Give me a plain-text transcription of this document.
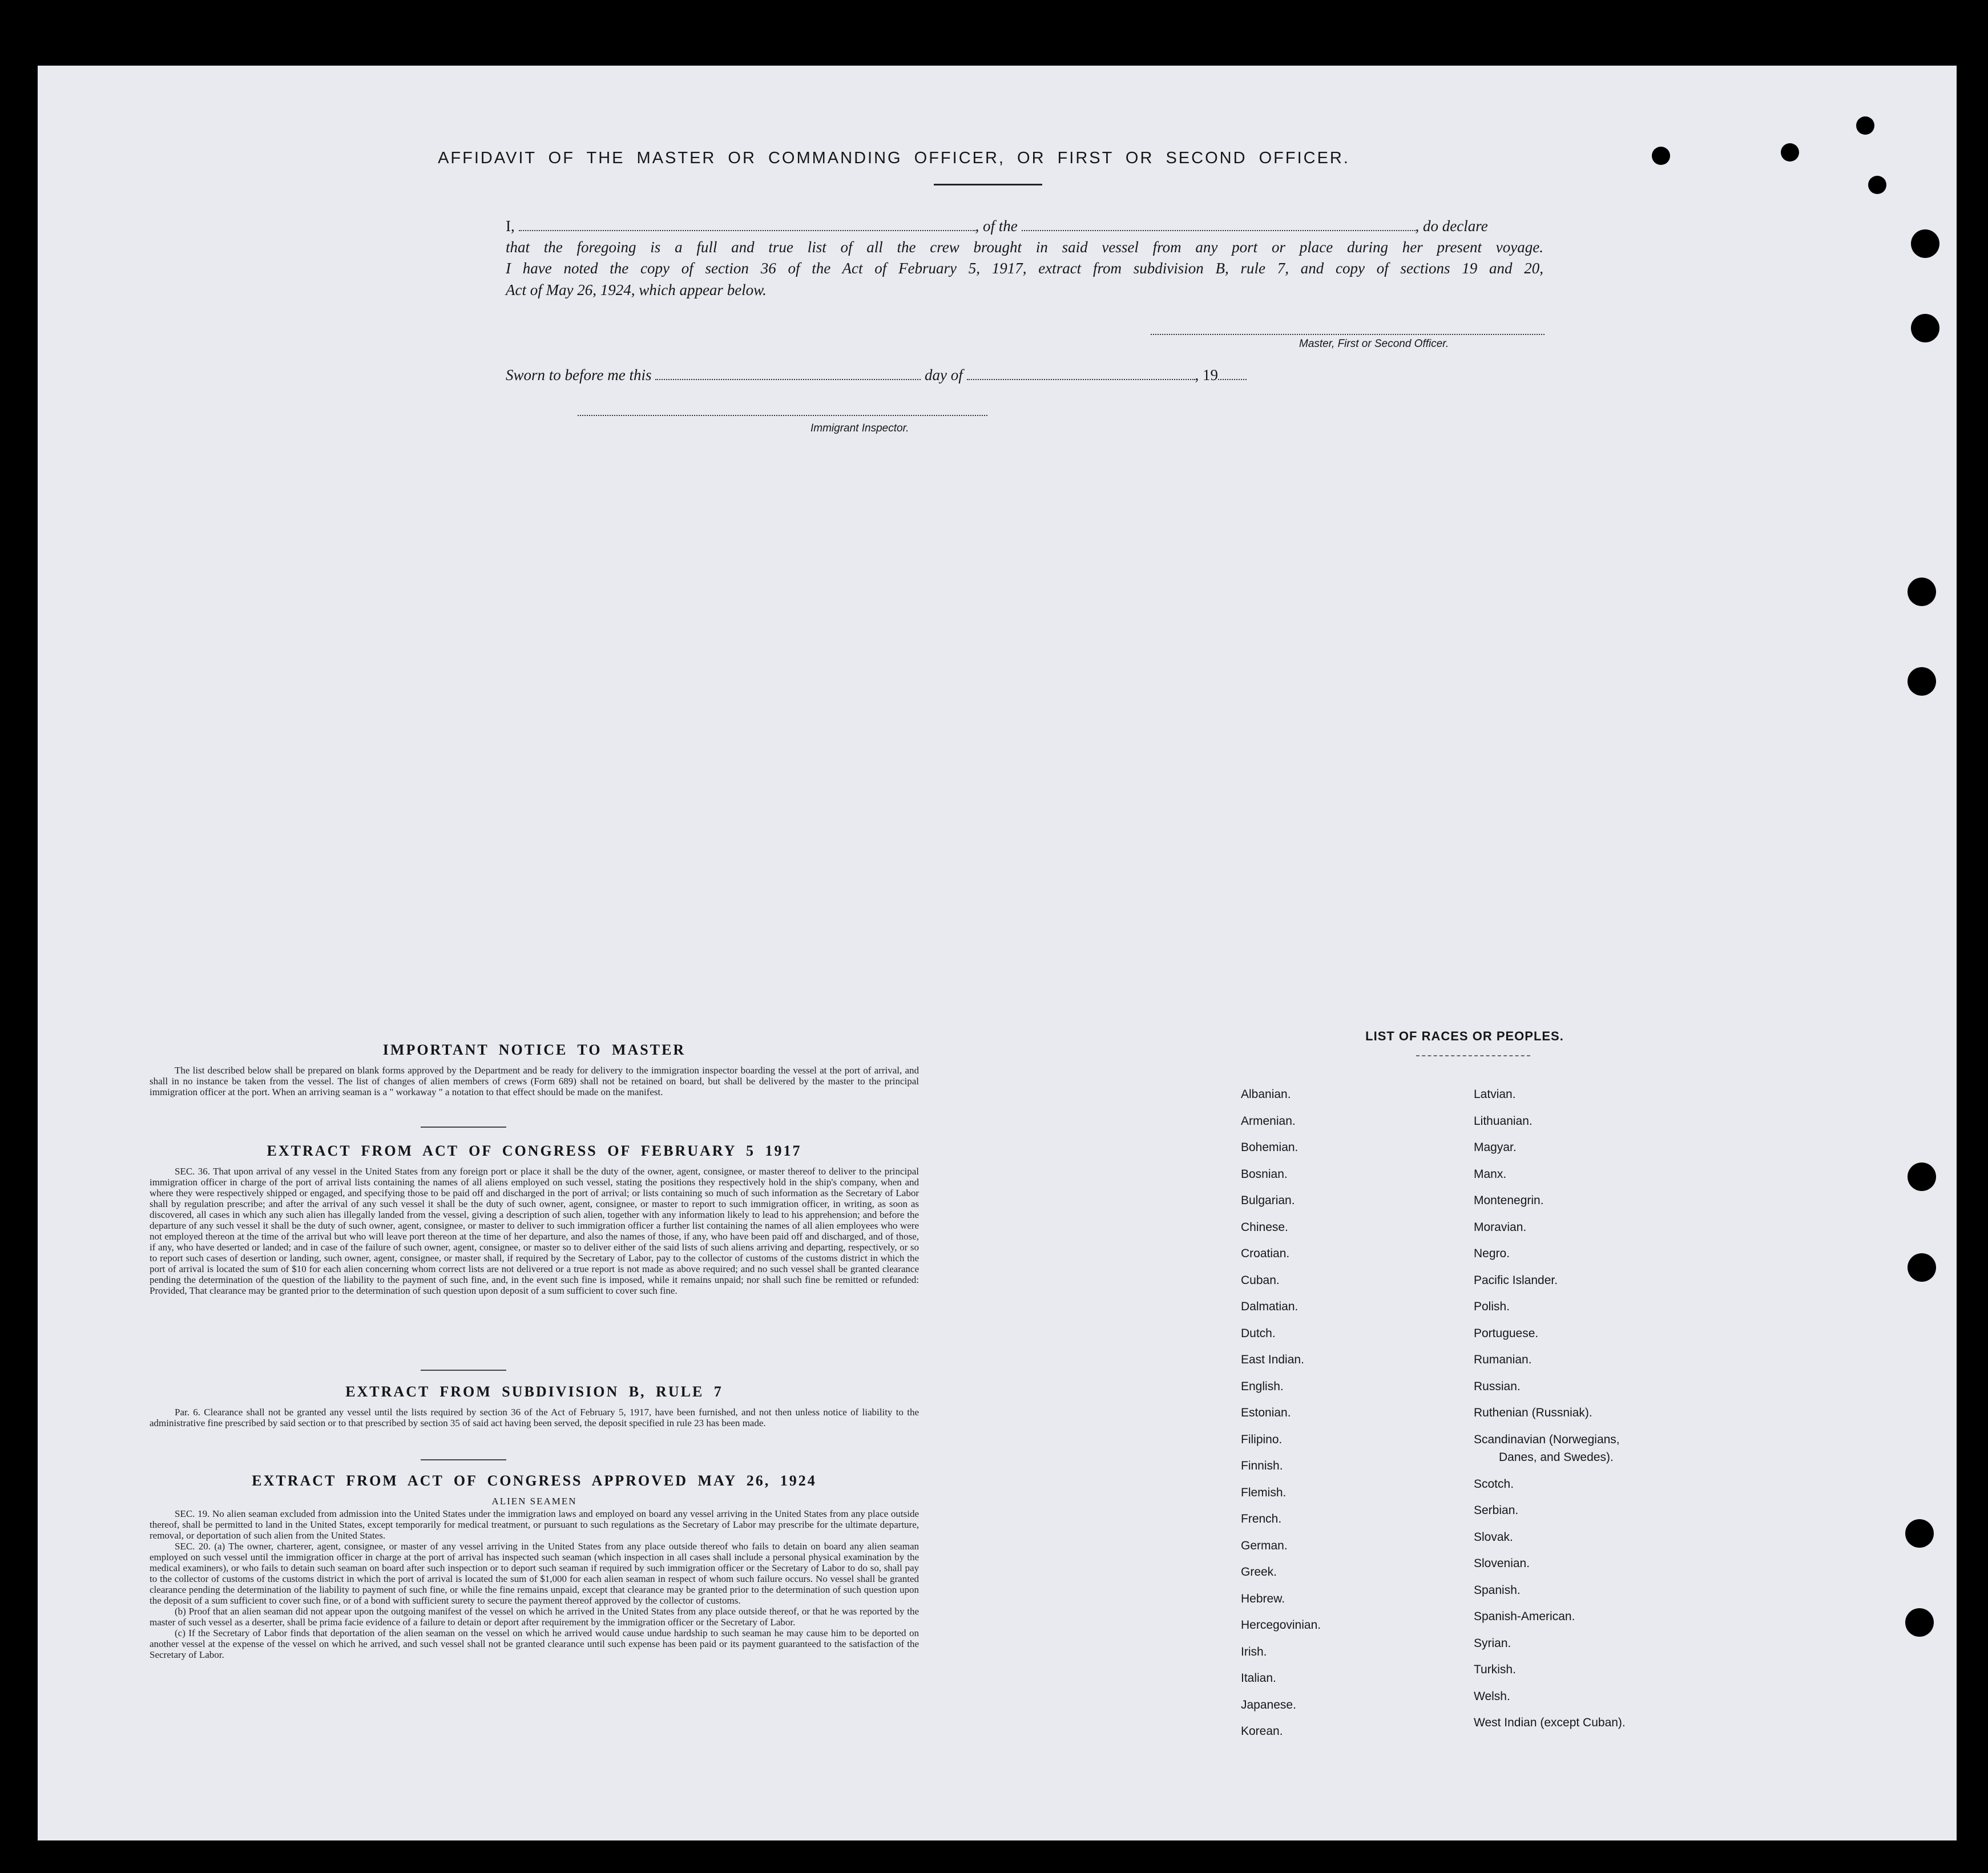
AFFIDAVIT OF THE MASTER OR COMMANDING OFFICER, OR FIRST OR SECOND OFFICER.
I,	, of the	, do declare
that the foregoing is a full and true list of all the crew brought in said vessel from any port or place during her present voyage.
I have noted the copy of section 36 of the Act of February 5, 1917, extract from subdivision B, rule 7, and copy of sections 19 and 20,
Act of May 26, 1924, which appear below.
Master, First or Second Officer.
Sworn to before me this	day of	, 19
Immigrant Inspector.
IMPORTANT NOTICE TO MASTER

The list described below shall be prepared on blank forms approved by the Department and be ready for delivery to the immigration inspector boarding the vessel at the port of arrival, and shall in no instance be taken from the vessel. The list of changes of alien members of crews (Form 689) shall not be retained on board, but shall be delivered by the master to the principal immigration officer at the port. When an arriving seaman is a " workaway " a notation to that effect should be made on the manifest.

EXTRACT FROM ACT OF CONGRESS OF FEBRUARY 5 1917

SEC. 36. That upon arrival of any vessel in the United States from any foreign port or place it shall be the duty of the owner, agent, consignee, or master thereof to deliver to the principal immigration officer in charge of the port of arrival lists containing the names of all aliens employed on such vessel, stating the positions they respectively hold in the ship's company, when and where they were respectively shipped or engaged, and specifying those to be paid off and discharged in the port of arrival; or lists containing so much of such information as the Secretary of Labor shall by regulation prescribe; and after the arrival of any such vessel it shall be the duty of such owner, agent, consignee, or master to report to such immigration officer, in writing, as soon as discovered, all cases in which any such alien has illegally landed from the vessel, giving a description of such alien, together with any information likely to lead to his apprehension; and before the departure of any such vessel it shall be the duty of such owner, agent, consignee, or master to deliver to such immigration officer a further list containing the names of all alien employees who were not employed thereon at the time of the arrival but who will leave port thereon at the time of her departure, and also the names of those, if any, who have been paid off and discharged, and of those, if any, who have deserted or landed; and in case of the failure of such owner, agent, consignee, or master so to deliver either of the said lists of such aliens arriving and departing, respectively, or so to report such cases of desertion or landing, such owner, agent, consignee, or master shall, if required by the Secretary of Labor, pay to the collector of customs of the customs district in which the port of arrival is located the sum of $10 for each alien concerning whom correct lists are not delivered or a true report is not made as above required; and no such vessel shall be granted clearance pending the determination of the question of the liability to the payment of such fine, and, in the event such fine is imposed, while it remains unpaid; nor shall such fine be remitted or refunded: Provided, That clearance may be granted prior to the determination of such question upon deposit of a sum sufficient to cover such fine.

EXTRACT FROM SUBDIVISION B, RULE 7

Par. 6. Clearance shall not be granted any vessel until the lists required by section 36 of the Act of February 5, 1917, have been furnished, and not then unless notice of liability to the administrative fine prescribed by said section or to that prescribed by section 35 of said act having been served, the deposit specified in rule 23 has been made.

EXTRACT FROM ACT OF CONGRESS APPROVED MAY 26, 1924
ALIEN SEAMEN

SEC. 19. No alien seaman excluded from admission into the United States under the immigration laws and employed on board any vessel arriving in the United States from any place outside thereof, shall be permitted to land in the United States, except temporarily for medical treatment, or pursuant to such regulations as the Secretary of Labor may prescribe for the ultimate departure, removal, or deportation of such alien from the United States.

SEC. 20. (a) The owner, charterer, agent, consignee, or master of any vessel arriving in the United States from any place outside thereof who fails to detain on board any alien seaman employed on such vessel until the immigration officer in charge at the port of arrival has inspected such seaman (which inspection in all cases shall include a personal physical examination by the medical examiners), or who fails to detain such seaman on board after such inspection or to deport such seaman if required by such immigration officer or the Secretary of Labor to do so, shall pay to the collector of customs of the customs district in which the port of arrival is located the sum of $1,000 for each alien seaman in respect of whom such failure occurs. No vessel shall be granted clearance pending the determination of the liability to payment of such fine, or while the fine remains unpaid, except that clearance may be granted prior to the determination of such question upon the deposit of a sum sufficient to cover such fine, or of a bond with sufficient surety to secure the payment thereof approved by the collector of customs.

(b) Proof that an alien seaman did not appear upon the outgoing manifest of the vessel on which he arrived in the United States from any place outside thereof, or that he was reported by the master of such vessel as a deserter, shall be prima facie evidence of a failure to detain or deport after requirement by the immigration officer or the Secretary of Labor.

(c) If the Secretary of Labor finds that deportation of the alien seaman on the vessel on which he arrived would cause undue hardship to such seaman he may cause him to be deported on another vessel at the expense of the vessel on which he arrived, and such vessel shall not be granted clearance until such expense has been paid or its payment guaranteed to the satisfaction of the Secretary of Labor.

LIST OF RACES OR PEOPLES.
Albanian.
Armenian.
Bohemian.
Bosnian.
Bulgarian.
Chinese.
Croatian.
Cuban.
Dalmatian.
Dutch.
East Indian.
English.
Estonian.
Filipino.
Finnish.
Flemish.
French.
German.
Greek.
Hebrew.
Hercegovinian.
Irish.
Italian.
Japanese.
Korean.
Latvian.
Lithuanian.
Magyar.
Manx.
Montenegrin.
Moravian.
Negro.
Pacific Islander.
Polish.
Portuguese.
Rumanian.
Russian.
Ruthenian (Russniak).
Scandinavian (Norwegians,
Danes, and Swedes).
Scotch.
Serbian.
Slovak.
Slovenian.
Spanish.
Spanish-American.
Syrian.
Turkish.
Welsh.
West Indian (except Cuban).
